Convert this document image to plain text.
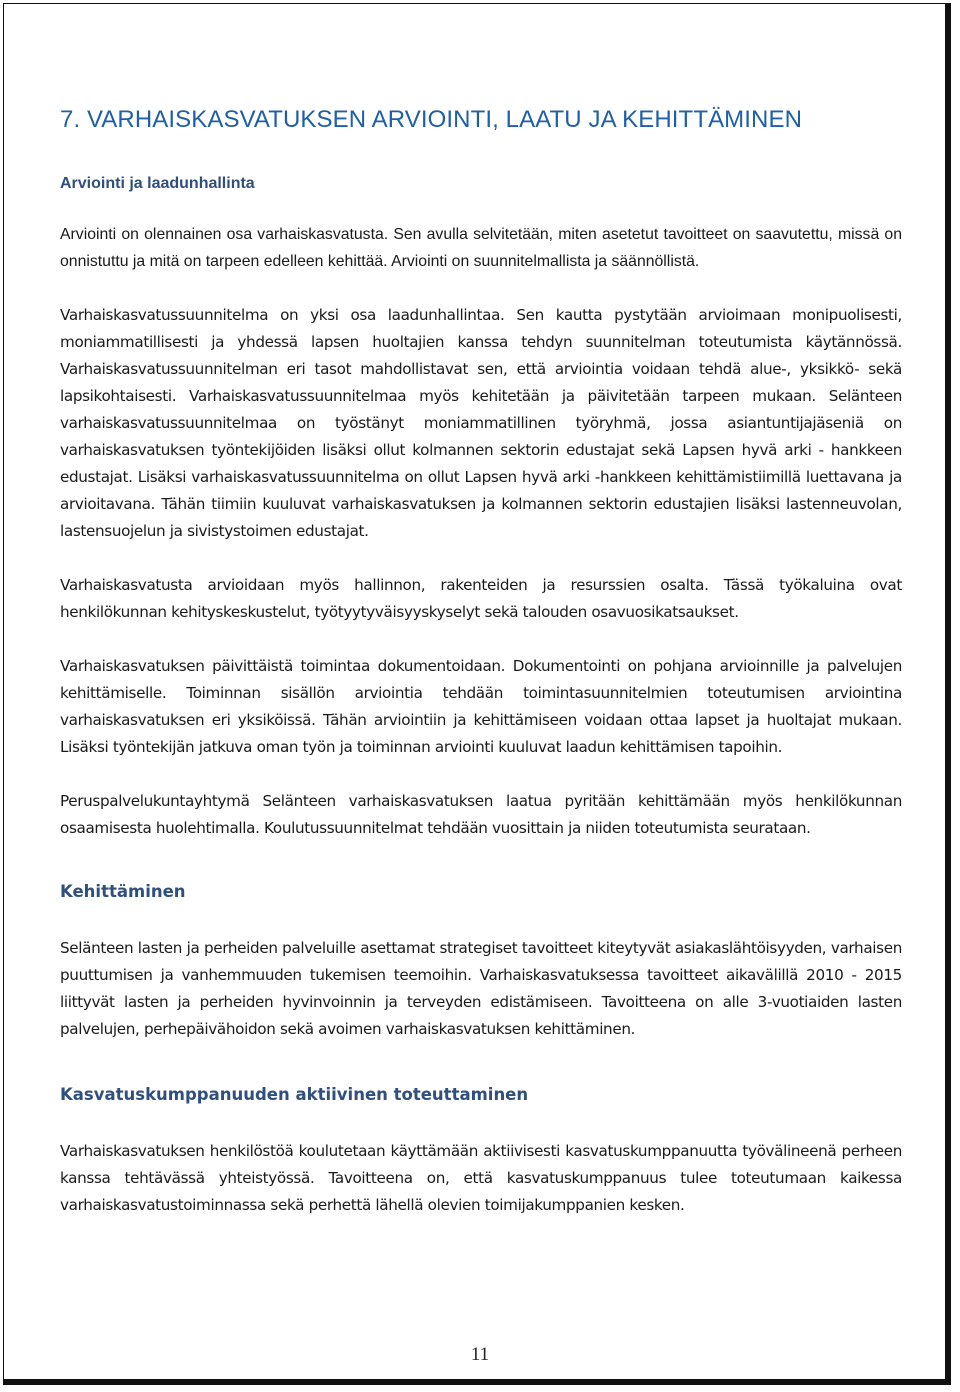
7. VARHAISKASVATUKSEN ARVIOINTI, LAATU JA KEHITTÄMINEN
Arviointi ja laadunhallinta

Arviointi on olennainen osa varhaiskasvatusta. Sen avulla selvitetään, miten asetetut tavoitteet on saavutettu, missä on onnistuttu ja mitä on tarpeen edelleen kehittää. Arviointi on suunnitelmallista ja säännöllistä.

Varhaiskasvatussuunnitelma on yksi osa laadunhallintaa. Sen kautta pystytään arvioimaan monipuolisesti, moniammatillisesti ja yhdessä lapsen huoltajien kanssa tehdyn suunnitelman toteutumista käytännössä. Varhaiskasvatussuunnitelman eri tasot mahdollistavat sen, että arviointia voidaan tehdä alue-, yksikkö- sekä lapsikohtaisesti. Varhaiskasvatussuunnitelmaa myös kehitetään ja päivitetään tarpeen mukaan. Selänteen varhaiskasvatussuunnitelmaa on työstänyt moniammatillinen työryhmä, jossa asiantuntijajäseniä on varhaiskasvatuksen työntekijöiden lisäksi ollut kolmannen sektorin edustajat sekä Lapsen hyvä arki - hankkeen edustajat. Lisäksi varhaiskasvatussuunnitelma on ollut Lapsen hyvä arki -hankkeen kehittämistiimillä luettavana ja arvioitavana. Tähän tiimiin kuuluvat varhaiskasvatuksen ja kolmannen sektorin edustajien lisäksi lastenneuvolan, lastensuojelun ja sivistystoimen edustajat.

Varhaiskasvatusta arvioidaan myös hallinnon, rakenteiden ja resurssien osalta. Tässä työkaluina ovat henkilökunnan kehityskeskustelut, työtyytyväisyyskyselyt sekä talouden osavuosikatsaukset.

Varhaiskasvatuksen päivittäistä toimintaa dokumentoidaan. Dokumentointi on pohjana arvioinnille ja palvelujen kehittämiselle. Toiminnan sisällön arviointia tehdään toimintasuunnitelmien toteutumisen arviointina varhaiskasvatuksen eri yksiköissä. Tähän arviointiin ja kehittämiseen voidaan ottaa lapset ja huoltajat mukaan. Lisäksi työntekijän jatkuva oman työn ja toiminnan arviointi kuuluvat laadun kehittämisen tapoihin.

Peruspalvelukuntayhtymä Selänteen varhaiskasvatuksen laatua pyritään kehittämään myös henkilökunnan osaamisesta huolehtimalla. Koulutussuunnitelmat tehdään vuosittain ja niiden toteutumista seurataan.

Kehittäminen

Selänteen lasten ja perheiden palveluille asettamat strategiset tavoitteet kiteytyvät asiakaslähtöisyyden, varhaisen puuttumisen ja vanhemmuuden tukemisen teemoihin. Varhaiskasvatuksessa tavoitteet aikavälillä 2010 - 2015 liittyvät lasten ja perheiden hyvinvoinnin ja terveyden edistämiseen. Tavoitteena on alle 3-vuotiaiden lasten palvelujen, perhepäivähoidon sekä avoimen varhaiskasvatuksen kehittäminen.

Kasvatuskumppanuuden aktiivinen toteuttaminen

Varhaiskasvatuksen henkilöstöä koulutetaan käyttämään aktiivisesti kasvatuskumppanuutta työvälineenä perheen kanssa tehtävässä yhteistyössä. Tavoitteena on, että kasvatuskumppanuus tulee toteutumaan kaikessa varhaiskasvatustoiminnassa sekä perhettä lähellä olevien toimijakumppanien kesken.

11
